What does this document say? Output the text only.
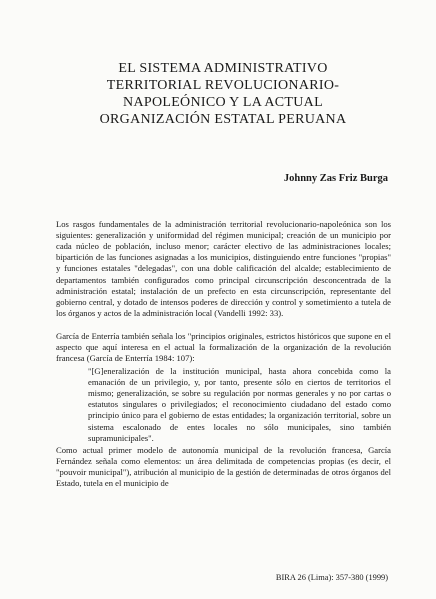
EL SISTEMA ADMINISTRATIVO
TERRITORIAL REVOLUCIONARIO-
NAPOLEÓNICO Y LA ACTUAL
ORGANIZACIÓN ESTATAL PERUANA
Johnny Zas Friz Burga

Los rasgos fundamentales de la administración territorial revolucionario-napoleónica son los siguientes: generalización y uniformidad del régimen municipal; creación de un municipio por cada núcleo de población, incluso menor; carácter electivo de las administraciones locales; bipartición de las funciones asignadas a los municipios, distinguiendo entre funciones "propias" y funciones estatales "delegadas", con una doble calificación del alcalde; establecimiento de departamentos también configurados como principal circunscripción desconcentrada de la administración estatal; instalación de un prefecto en esta circunscripción, representante del gobierno central, y dotado de intensos poderes de dirección y control y sometimiento a tutela de los órganos y actos de la administración local (Vandelli 1992: 33).

García de Enterría también señala los "principios originales, estrictos históricos que supone en el aspecto que aquí interesa en el actual la formalización de la organización de la revolución francesa (García de Enterría 1984: 107):

"[G]eneralización de la institución municipal, hasta ahora concebida como la emanación de un privilegio, y, por tanto, presente sólo en ciertos de territorios el mismo; generalización, se sobre su regulación por normas generales y no por cartas o estatutos singulares o privilegiados; el reconocimiento ciudadano del estado como principio único para el gobierno de estas entidades; la organización territorial, sobre un sistema escalonado de entes locales no sólo municipales, sino también supramunicipales".

Como actual primer modelo de autonomía municipal de la revolución francesa, García Fernández señala como elementos: un área delimitada de competencias propias (es decir, el "pouvoir municipal"), atribución al municipio de la gestión de determinadas de otros órganos del Estado, tutela en el municipio de

BIRA 26 (Lima): 357-380 (1999)
